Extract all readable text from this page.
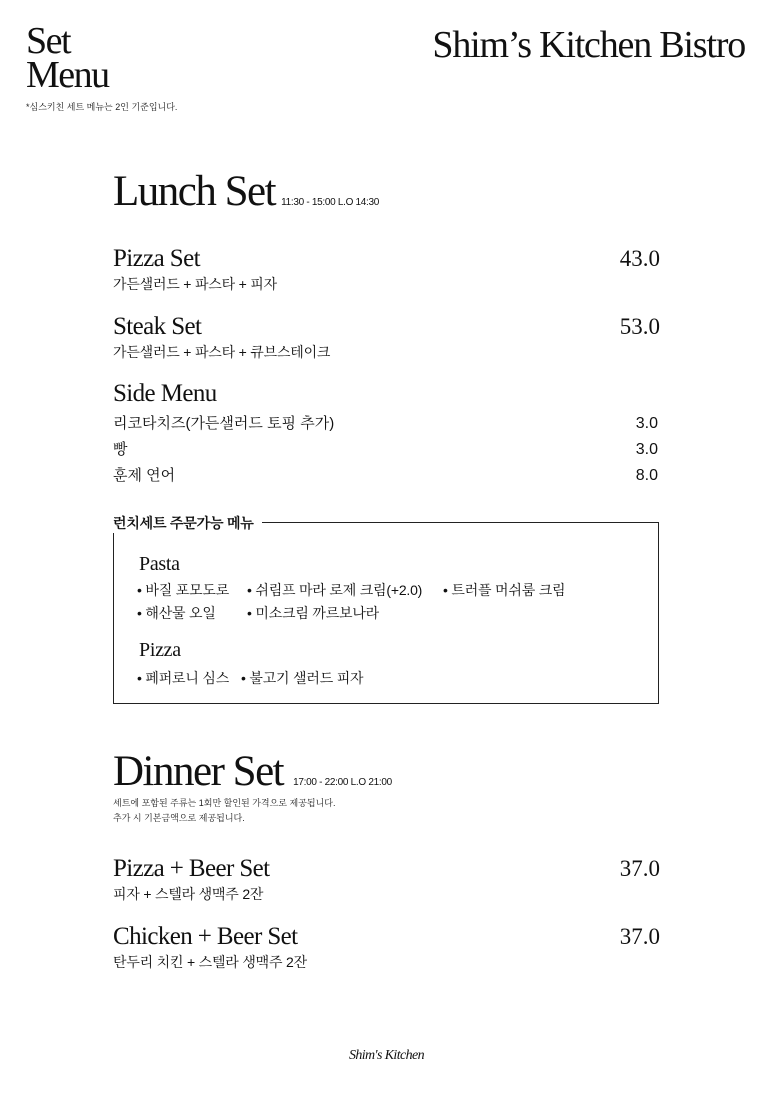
Set
Menu
*심스키친 세트 메뉴는 2인 기준입니다.
Shim’s Kitchen Bistro
Lunch Set 11:30 - 15:00 L.O 14:30
Pizza Set	43.0
가든샐러드 + 파스타 + 피자
Steak Set	53.0
가든샐러드 + 파스타 + 큐브스테이크
Side Menu
리코타치즈(가든샐러드 토핑 추가)	3.0
빵	3.0
훈제 연어	8.0
Pasta
• 바질 포모도로 • 쉬림프 마라 로제 크림(+2.0) • 트러플 머쉬룸 크림
• 해산물 오일 • 미소크림 까르보나라
Pizza
• 페퍼로니 심스 • 불고기 샐러드 피자
런치세트 주문가능 메뉴
Dinner Set 17:00 - 22:00 L.O 21:00
세트에 포함된 주류는 1회만 할인된 가격으로 제공됩니다.
추가 시 기본금액으로 제공됩니다.
Pizza + Beer Set	37.0
피자 + 스텔라 생맥주 2잔
Chicken + Beer Set	37.0
탄두리 치킨 + 스텔라 생맥주 2잔
Shim's Kitchen
